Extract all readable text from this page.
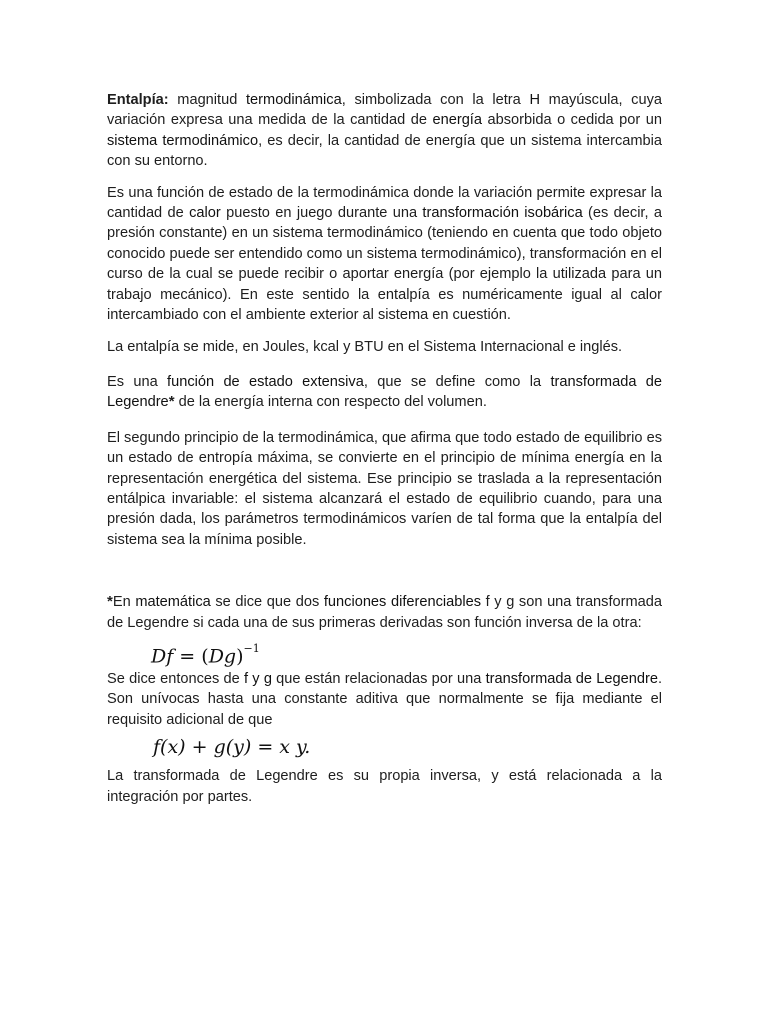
Entalpía: magnitud termodinámica, simbolizada con la letra H mayúscula, cuya variación expresa una medida de la cantidad de energía absorbida o cedida por un sistema termodinámico, es decir, la cantidad de energía que un sistema intercambia con su entorno.

Es una función de estado de la termodinámica donde la variación permite expresar la cantidad de calor puesto en juego durante una transformación isobárica (es decir, a presión constante) en un sistema termodinámico (teniendo en cuenta que todo objeto conocido puede ser entendido como un sistema termodinámico), transformación en el curso de la cual se puede recibir o aportar energía (por ejemplo la utilizada para un trabajo mecánico). En este sentido la entalpía es numéricamente igual al calor intercambiado con el ambiente exterior al sistema en cuestión.

La entalpía se mide, en Joules, kcal y BTU en el Sistema Internacional e inglés.

Es una función de estado extensiva, que se define como la transformada de Legendre* de la energía interna con respecto del volumen.

El segundo principio de la termodinámica, que afirma que todo estado de equilibrio es un estado de entropía máxima, se convierte en el principio de mínima energía en la representación energética del sistema. Ese principio se traslada a la representación entálpica invariable: el sistema alcanzará el estado de equilibrio cuando, para una presión dada, los parámetros termodinámicos varíen de tal forma que la entalpía del sistema sea la mínima posible.

*En matemática se dice que dos funciones diferenciables f y g son una transformada de Legendre si cada una de sus primeras derivadas son función inversa de la otra:

$Df = (Dg)^{-1}$

Se dice entonces de f y g que están relacionadas por una transformada de Legendre. Son unívocas hasta una constante aditiva que normalmente se fija mediante el requisito adicional de que

f(x) + g(y) = x y.

La transformada de Legendre es su propia inversa, y está relacionada a la integración por partes.
